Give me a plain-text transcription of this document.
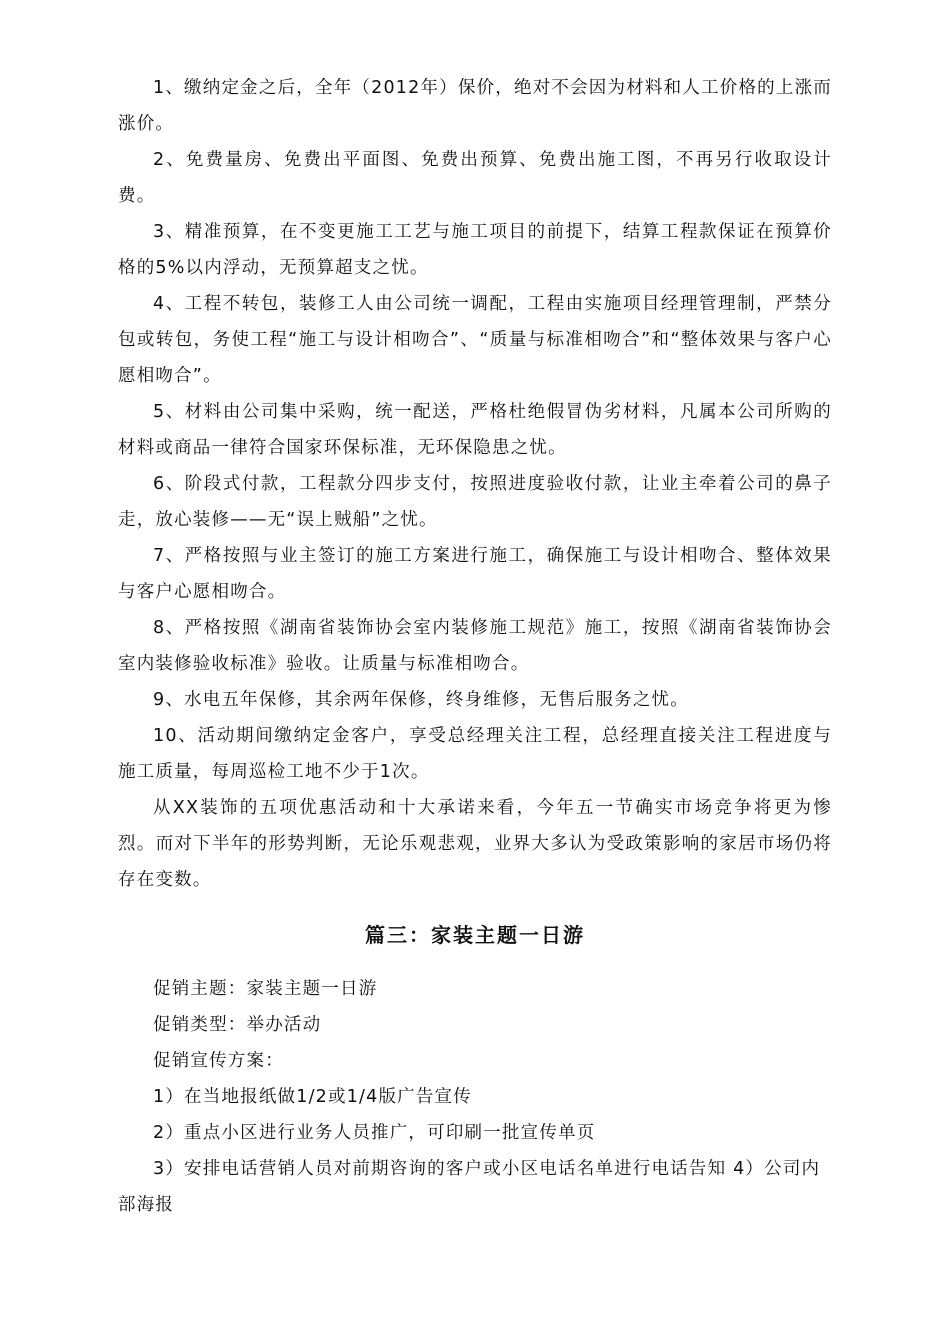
1、缴纳定金之后，全年（2012年）保价，绝对不会因为材料和人工价格的上涨而涨价。

2、免费量房、免费出平面图、免费出预算、免费出施工图，不再另行收取设计费。

3、精准预算，在不变更施工工艺与施工项目的前提下，结算工程款保证在预算价格的5%以内浮动，无预算超支之忧。

4、工程不转包，装修工人由公司统一调配，工程由实施项目经理管理制，严禁分包或转包，务使工程“施工与设计相吻合”、“质量与标准相吻合”和“整体效果与客户心愿相吻合”。

5、材料由公司集中采购，统一配送，严格杜绝假冒伪劣材料，凡属本公司所购的材料或商品一律符合国家环保标准，无环保隐患之忧。

6、阶段式付款，工程款分四步支付，按照进度验收付款，让业主牵着公司的鼻子走，放心装修——无“误上贼船”之忧。

7、严格按照与业主签订的施工方案进行施工，确保施工与设计相吻合、整体效果与客户心愿相吻合。

8、严格按照《湖南省装饰协会室内装修施工规范》施工，按照《湖南省装饰协会室内装修验收标准》验收。让质量与标准相吻合。

9、水电五年保修，其余两年保修，终身维修，无售后服务之忧。

10、活动期间缴纳定金客户，享受总经理关注工程，总经理直接关注工程进度与施工质量，每周巡检工地不少于1次。

从XX装饰的五项优惠活动和十大承诺来看，今年五一节确实市场竞争将更为惨烈。而对下半年的形势判断，无论乐观悲观，业界大多认为受政策影响的家居市场仍将存在变数。

篇三：家装主题一日游

促销主题：家装主题一日游

促销类型：举办活动

促销宣传方案：

1）在当地报纸做1/2或1/4版广告宣传

2）重点小区进行业务人员推广，可印刷一批宣传单页

3）安排电话营销人员对前期咨询的客户或小区电话名单进行电话告知 4）公司内部海报
